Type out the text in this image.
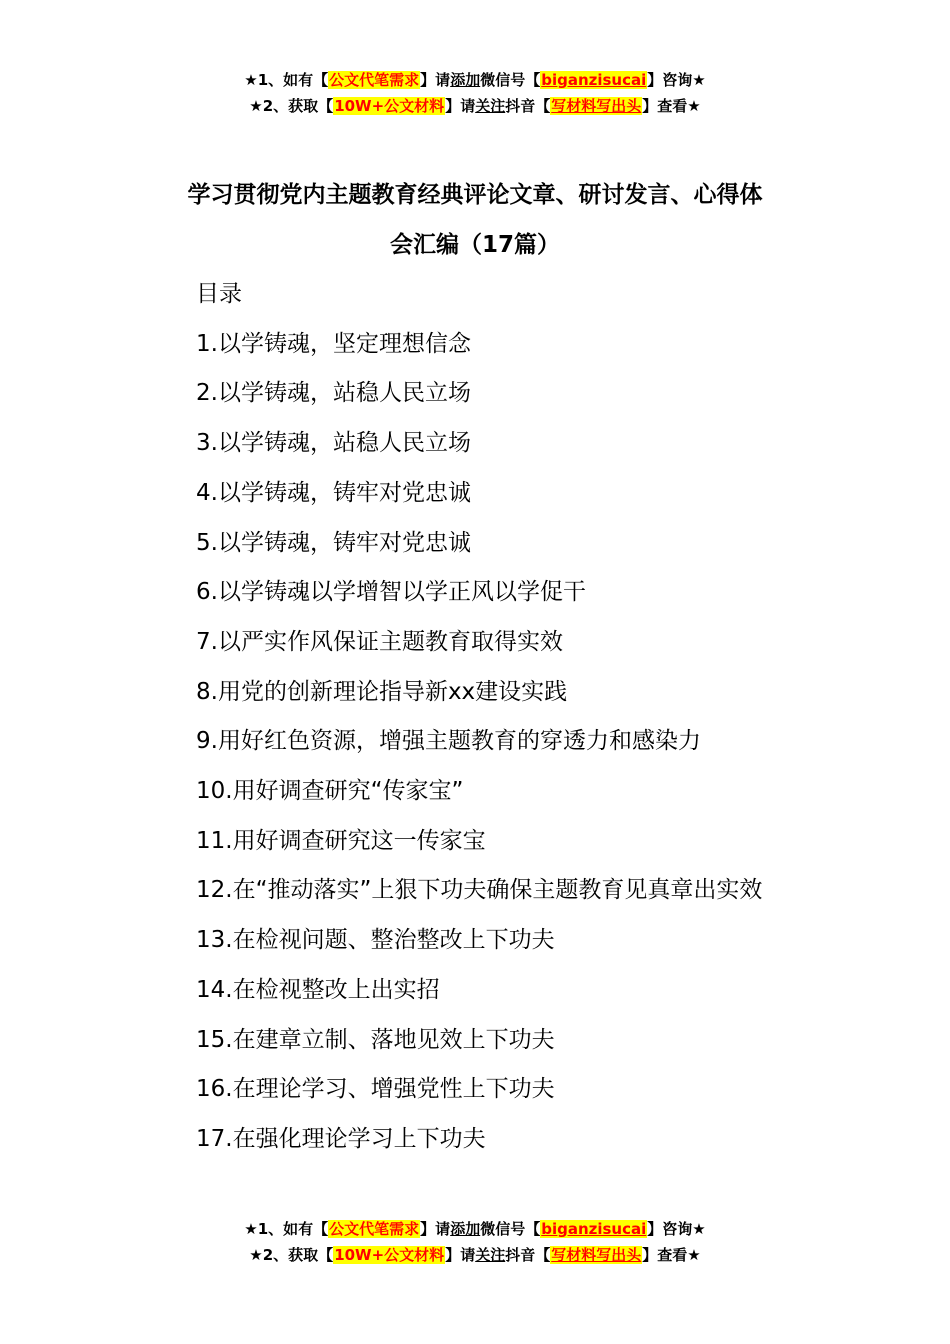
★1、如有【公文代笔需求】请添加微信号【biganzisucai】咨询★
★2、获取【10W+公文材料】请关注抖音【写材料写出头】查看★
学习贯彻党内主题教育经典评论文章、研讨发言、心得体
会汇编（17篇）

目录

1.以学铸魂，坚定理想信念

2.以学铸魂，站稳人民立场

3.以学铸魂，站稳人民立场

4.以学铸魂，铸牢对党忠诚

5.以学铸魂，铸牢对党忠诚

6.以学铸魂以学增智以学正风以学促干

7.以严实作风保证主题教育取得实效

8.用党的创新理论指导新xx建设实践

9.用好红色资源，增强主题教育的穿透力和感染力

10.用好调查研究“传家宝”

11.用好调查研究这一传家宝

12.在“推动落实”上狠下功夫确保主题教育见真章出实效

13.在检视问题、整治整改上下功夫

14.在检视整改上出实招

15.在建章立制、落地见效上下功夫

16.在理论学习、增强党性上下功夫

17.在强化理论学习上下功夫

★1、如有【公文代笔需求】请添加微信号【biganzisucai】咨询★
★2、获取【10W+公文材料】请关注抖音【写材料写出头】查看★
